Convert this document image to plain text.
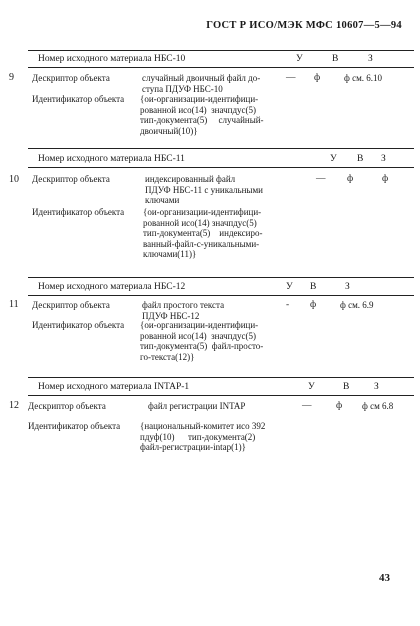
ГОСТ Р ИСО/МЭК МФС 10607—5—94
Номер исходного материала НБС-10	У	В	З
9 Дескриптор объекта	случайный двоичный файл до-
ступа ПДУФ НБС-10
— ф	ф см. 6.10
Идентификатор объекта {ои-организации-идентифици-
рованной исо(14)  значпдус(5)
тип-документа(5)     случайный-
двоичный(10)}
Номер исходного материала НБС-11	У В З
10 Дескриптор объекта	индексированный файл
ПДУФ НБС-11 с уникальными
ключами
— ф	ф
Идентификатор объекта {ои-организации-идентифици-
рованной исо(14) значпдус(5)
тип-документа(5)    индексиро-
ванный-файл-с-уникальными-
ключами(11)}
Номер исходного материала НБС-12	У В	З
11 Дескриптор объекта	файл простого текста
ПДУФ НБС-12
- ф	ф см. 6.9
Идентификатор объекта {ои-организации-идентифици-
рованной исо(14)  значпдус(5)
тип-документа(5)  файл-просто-
го-текста(12)}
Номер исходного материала INTAP-1	У	В	З
12 Дескриптор объекта	файл регистрации INTAP	—	ф ф см 6.8
Идентификатор объекта {национальный-комитет исо 392
пдуф(10)      тип-документа(2)
файл-регистрации-intap(1)}
43
